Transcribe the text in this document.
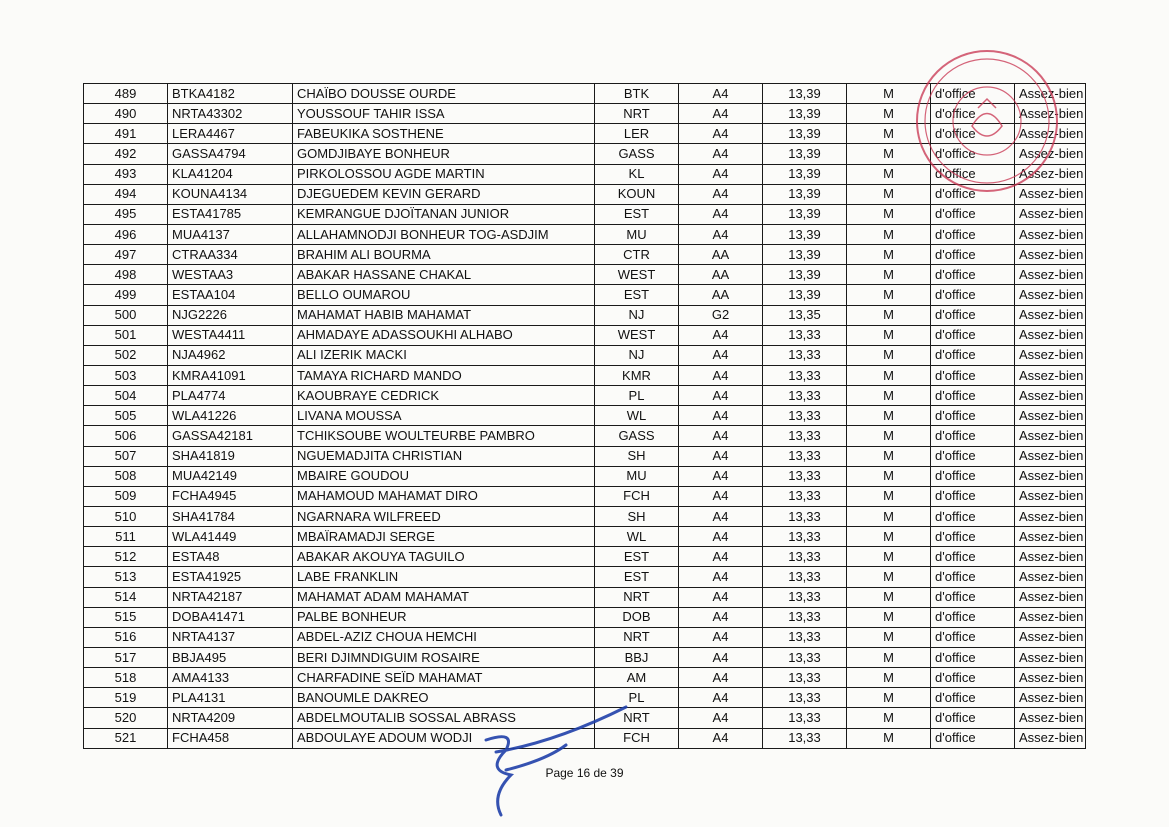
489	BTKA4182	CHAÏBO DOUSSE OURDE	BTK	A4	13,39	M	d'office	Assez-bien
490	NRTA43302	YOUSSOUF TAHIR ISSA	NRT	A4	13,39	M	d'office	Assez-bien
491	LERA4467	FABEUKIKA SOSTHENE	LER	A4	13,39	M	d'office	Assez-bien
492	GASSA4794	GOMDJIBAYE BONHEUR	GASS	A4	13,39	M	d'office	Assez-bien
493	KLA41204	PIRKOLOSSOU AGDE MARTIN	KL	A4	13,39	M	d'office	Assez-bien
494	KOUNA4134	DJEGUEDEM KEVIN GERARD	KOUN	A4	13,39	M	d'office	Assez-bien
495	ESTA41785	KEMRANGUE DJOÏTANAN JUNIOR	EST	A4	13,39	M	d'office	Assez-bien
496	MUA4137	ALLAHAMNODJI BONHEUR TOG-ASDJIM	MU	A4	13,39	M	d'office	Assez-bien
497	CTRAA334	BRAHIM ALI BOURMA	CTR	AA	13,39	M	d'office	Assez-bien
498	WESTAA3	ABAKAR HASSANE CHAKAL	WEST	AA	13,39	M	d'office	Assez-bien
499	ESTAA104	BELLO OUMAROU	EST	AA	13,39	M	d'office	Assez-bien
500	NJG2226	MAHAMAT HABIB MAHAMAT	NJ	G2	13,35	M	d'office	Assez-bien
501	WESTA4411	AHMADAYE ADASSOUKHI ALHABO	WEST	A4	13,33	M	d'office	Assez-bien
502	NJA4962	ALI IZERIK MACKI	NJ	A4	13,33	M	d'office	Assez-bien
503	KMRA41091	TAMAYA RICHARD MANDO	KMR	A4	13,33	M	d'office	Assez-bien
504	PLA4774	KAOUBRAYE CEDRICK	PL	A4	13,33	M	d'office	Assez-bien
505	WLA41226	LIVANA MOUSSA	WL	A4	13,33	M	d'office	Assez-bien
506	GASSA42181	TCHIKSOUBE WOULTEURBE PAMBRO	GASS	A4	13,33	M	d'office	Assez-bien
507	SHA41819	NGUEMADJITA CHRISTIAN	SH	A4	13,33	M	d'office	Assez-bien
508	MUA42149	MBAIRE GOUDOU	MU	A4	13,33	M	d'office	Assez-bien
509	FCHA4945	MAHAMOUD MAHAMAT DIRO	FCH	A4	13,33	M	d'office	Assez-bien
510	SHA41784	NGARNARA WILFREED	SH	A4	13,33	M	d'office	Assez-bien
511	WLA41449	MBAÏRAMADJI SERGE	WL	A4	13,33	M	d'office	Assez-bien
512	ESTA48	ABAKAR AKOUYA TAGUILO	EST	A4	13,33	M	d'office	Assez-bien
513	ESTA41925	LABE FRANKLIN	EST	A4	13,33	M	d'office	Assez-bien
514	NRTA42187	MAHAMAT ADAM MAHAMAT	NRT	A4	13,33	M	d'office	Assez-bien
515	DOBA41471	PALBE BONHEUR	DOB	A4	13,33	M	d'office	Assez-bien
516	NRTA4137	ABDEL-AZIZ CHOUA HEMCHI	NRT	A4	13,33	M	d'office	Assez-bien
517	BBJA495	BERI DJIMNDIGUIM ROSAIRE	BBJ	A4	13,33	M	d'office	Assez-bien
518	AMA4133	CHARFADINE SEÏD MAHAMAT	AM	A4	13,33	M	d'office	Assez-bien
519	PLA4131	BANOUMLE DAKREO	PL	A4	13,33	M	d'office	Assez-bien
520	NRTA4209	ABDELMOUTALIB SOSSAL ABRASS	NRT	A4	13,33	M	d'office	Assez-bien
521	FCHA458	ABDOULAYE ADOUM WODJI	FCH	A4	13,33	M	d'office	Assez-bien
Page 16 de 39
